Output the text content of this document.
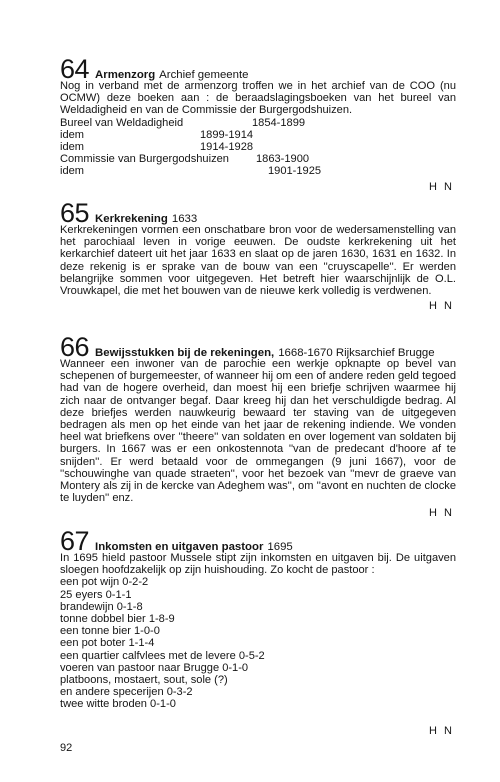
64 Armenzorg Archief gemeente

Nog in verband met de armenzorg troffen we in het archief van de COO (nu OCMW) deze boeken aan : de beraadslagingsboeken van het bureel van Weldadigheid en van de Commissie der Burgergodshuizen.

Bureel van Weldadigheid	1854-1899
idem	1899-1914
idem	1914-1928
Commissie van Burgergodshuizen	1863-1900
idem	1901-1925
H N
65 Kerkrekening 1633

Kerkrekeningen vormen een onschatbare bron voor de wedersamenstelling van het parochiaal leven in vorige eeuwen. De oudste kerkrekening uit het kerkarchief dateert uit het jaar 1633 en slaat op de jaren 1630, 1631 en 1632. In deze rekenig is er sprake van de bouw van een ''cruyscapelle''. Er werden belangrijke sommen voor uitgegeven. Het betreft hier waarschijnlijk de O.L. Vrouwkapel, die met het bouwen van de nieuwe kerk volledig is verdwenen.

H N
66 Bewijsstukken bij de rekeningen, 1668-1670 Rijksarchief Brugge

Wanneer een inwoner van de parochie een werkje opknapte op bevel van schepenen of burgemeester, of wanneer hij om een of andere reden geld tegoed had van de hogere overheid, dan moest hij een briefje schrijven waarmee hij zich naar de ontvanger begaf. Daar kreeg hij dan het verschuldigde bedrag. Al deze briefjes werden nauwkeurig bewaard ter staving van de uitgegeven bedragen als men op het einde van het jaar de rekening indiende. We vonden heel wat briefkens over ''theere'' van soldaten en over logement van soldaten bij burgers. In 1667 was er een onkostennota ''van de predecant d'hoore af te snijden''. Er werd betaald voor de ommegangen (9 juni 1667), voor de ''schouwinghe van quade straeten'', voor het bezoek van ''mevr de graeve van Montery als zij in de kercke van Adeghem was'', om ''avont en nuchten de clocke te luyden'' enz.

H N
67 Inkomsten en uitgaven pastoor 1695

In 1695 hield pastoor Mussele stipt zijn inkomsten en uitgaven bij. De uitgaven sloegen hoofdzakelijk op zijn huishouding. Zo kocht de pastoor :

een pot wijn 0-2-2
25 eyers 0-1-1
brandewijn 0-1-8
tonne dobbel bier 1-8-9
een tonne bier 1-0-0
een pot boter 1-1-4
een quartier calfvlees met de levere 0-5-2
voeren van pastoor naar Brugge 0-1-0
platboons, mostaert, sout, sole (?)
en andere specerijen 0-3-2
twee witte broden 0-1-0
H N
92
